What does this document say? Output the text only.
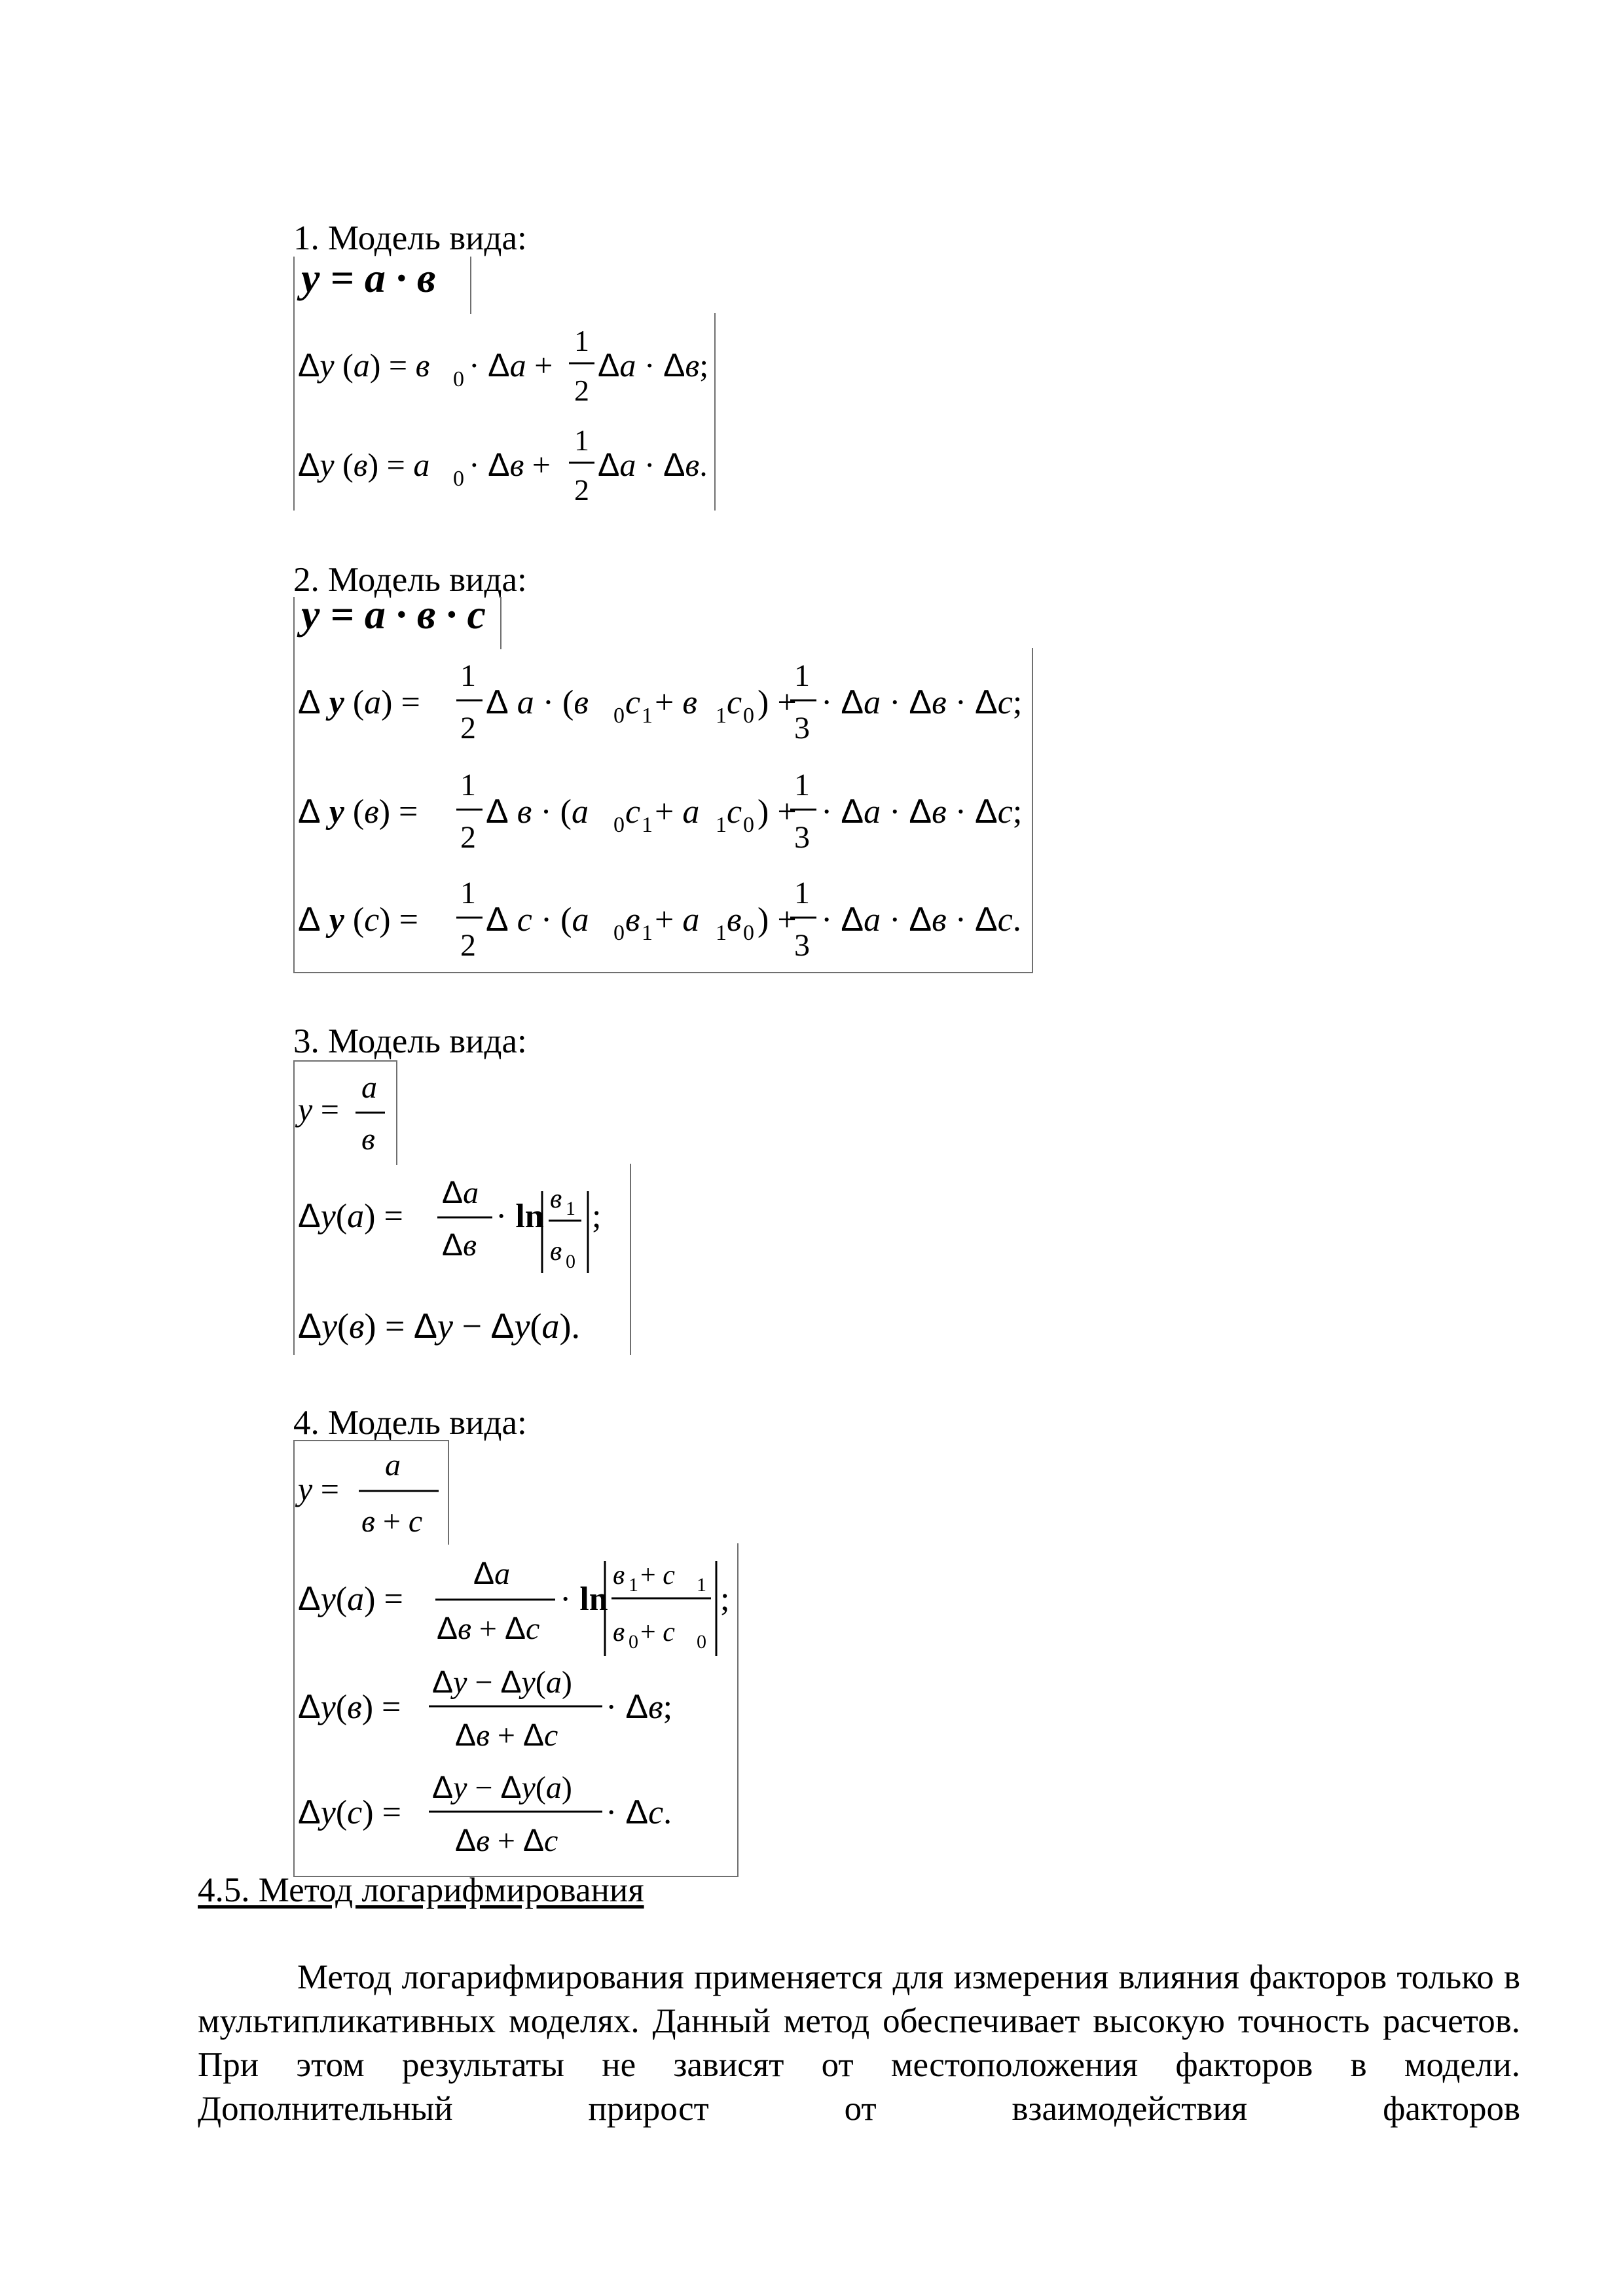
1. Модель вида:
2. Модель вида:
3. Модель вида:
4. Модель вида:
y = a · в
Δy (a) = в 0 · Δa +
1
2
Δa · Δв;
Δy (в) = a 0 · Δв +
1
2
Δa · Δв.
y = a · в · c
Δ y (a) =
1
2
Δ a · (в 0 c 1 + в 1 c 0 ) +
1
3
· Δa · Δв · Δc;
Δ y (в) =
1
2
Δ в · (a 0 c 1 + a 1 c 0 ) +
1
3
· Δa · Δв · Δc;
Δ y (c) =
1
2
Δ c · (a 0 в 1 + a 1 в 0 ) +
1
3
· Δa · Δв · Δc.
y =
a
в
Δy(a) =
Δa
Δв
· ln в 1
в 0
;
Δy(в) = Δy − Δy(a).
y =
a
в + c
Δy(a) =
Δa
Δв + Δc
· ln
в 1 + c 1
в 0 + c 0
;
Δy(в) =
Δy − Δy(a)
Δв + Δc
· Δв;
Δy(c) =
Δy − Δy(a)
Δв + Δc
· Δc.
4.5. Метод логарифмирования
Метод логарифмирования применяется для измерения влияния факторов только в мультипликативных моделях. Данный метод обеспечивает высокую точность расчетов. При этом результаты не зависят от местоположения факторов в модели. Дополнительный прирост от взаимодействия факторов
